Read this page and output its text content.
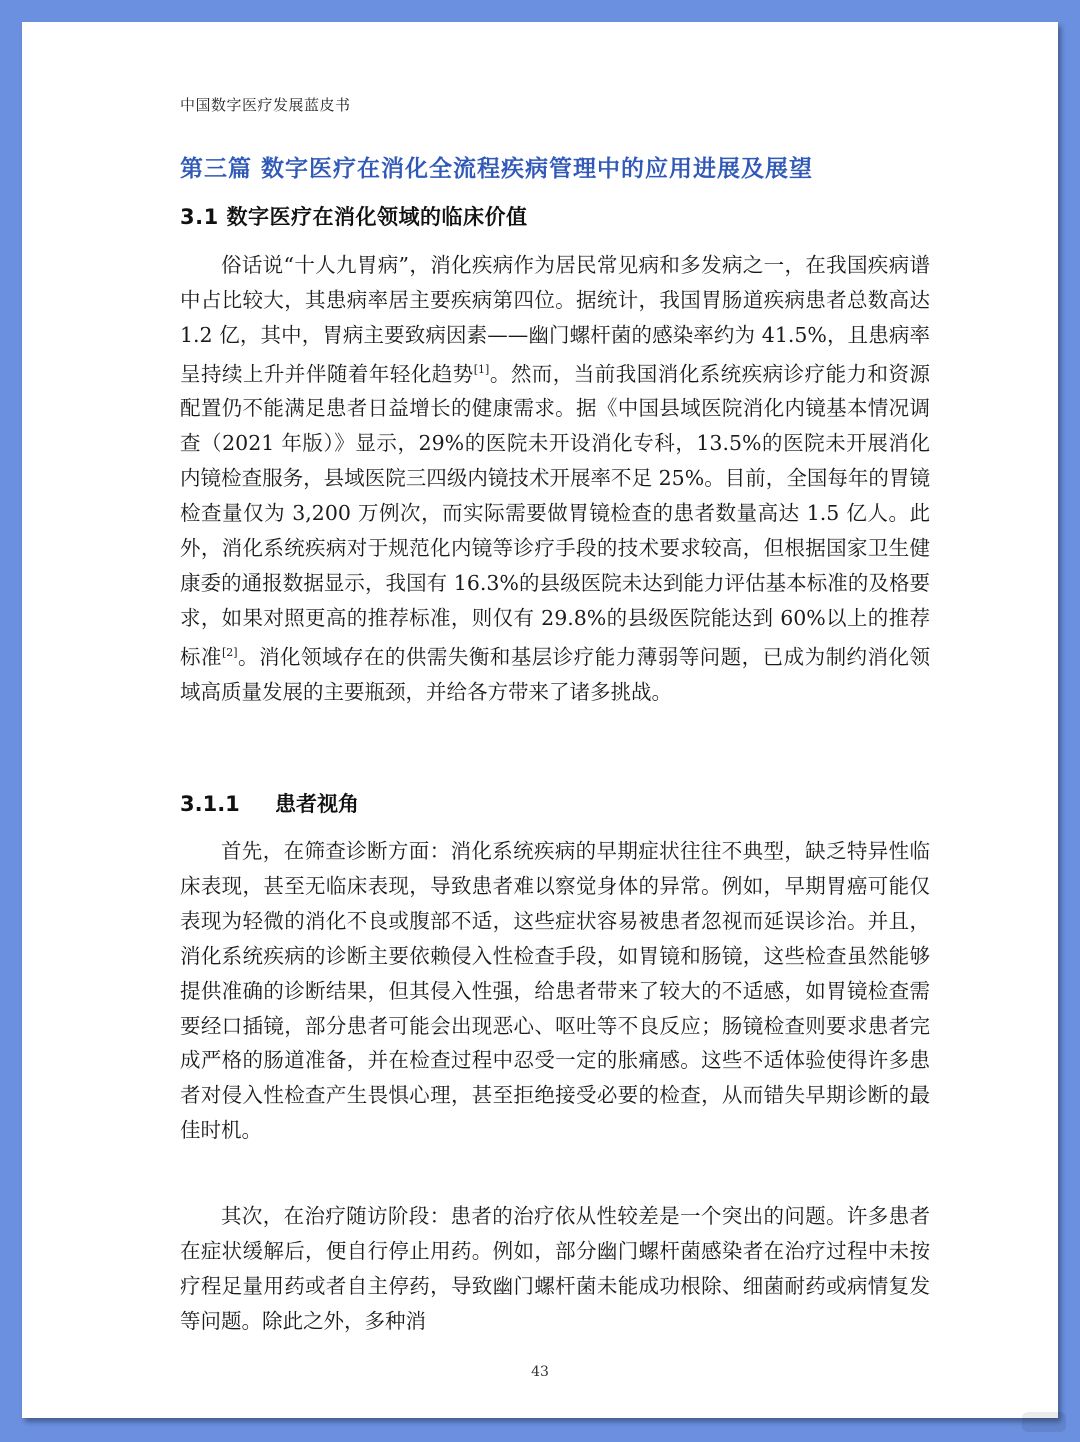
中国数字医疗发展蓝皮书
第三篇 数字医疗在消化全流程疾病管理中的应用进展及展望
3.1 数字医疗在消化领域的临床价值

俗话说“十人九胃病”，消化疾病作为居民常见病和多发病之一，在我国疾病谱中占比较大，其患病率居主要疾病第四位。据统计，我国胃肠道疾病患者总数高达 1.2 亿，其中，胃病主要致病因素——幽门螺杆菌的感染率约为 41.5%，且患病率呈持续上升并伴随着年轻化趋势[1]。然而，当前我国消化系统疾病诊疗能力和资源配置仍不能满足患者日益增长的健康需求。据《中国县域医院消化内镜基本情况调查（2021 年版）》显示，29%的医院未开设消化专科，13.5%的医院未开展消化内镜检查服务，县域医院三四级内镜技术开展率不足 25%。目前，全国每年的胃镜检查量仅为 3,200 万例次，而实际需要做胃镜检查的患者数量高达 1.5 亿人。此外，消化系统疾病对于规范化内镜等诊疗手段的技术要求较高，但根据国家卫生健康委的通报数据显示，我国有 16.3%的县级医院未达到能力评估基本标准的及格要求，如果对照更高的推荐标准，则仅有 29.8%的县级医院能达到 60%以上的推荐标准[2]。消化领域存在的供需失衡和基层诊疗能力薄弱等问题，已成为制约消化领域高质量发展的主要瓶颈，并给各方带来了诸多挑战。

3.1.1 患者视角

首先，在筛查诊断方面：消化系统疾病的早期症状往往不典型，缺乏特异性临床表现，甚至无临床表现，导致患者难以察觉身体的异常。例如，早期胃癌可能仅表现为轻微的消化不良或腹部不适，这些症状容易被患者忽视而延误诊治。并且，消化系统疾病的诊断主要依赖侵入性检查手段，如胃镜和肠镜，这些检查虽然能够提供准确的诊断结果，但其侵入性强，给患者带来了较大的不适感，如胃镜检查需要经口插镜，部分患者可能会出现恶心、呕吐等不良反应；肠镜检查则要求患者完成严格的肠道准备，并在检查过程中忍受一定的胀痛感。这些不适体验使得许多患者对侵入性检查产生畏惧心理，甚至拒绝接受必要的检查，从而错失早期诊断的最佳时机。

其次，在治疗随访阶段：患者的治疗依从性较差是一个突出的问题。许多患者在症状缓解后，便自行停止用药。例如，部分幽门螺杆菌感染者在治疗过程中未按疗程足量用药或者自主停药，导致幽门螺杆菌未能成功根除、细菌耐药或病情复发等问题。除此之外，多种消

43
